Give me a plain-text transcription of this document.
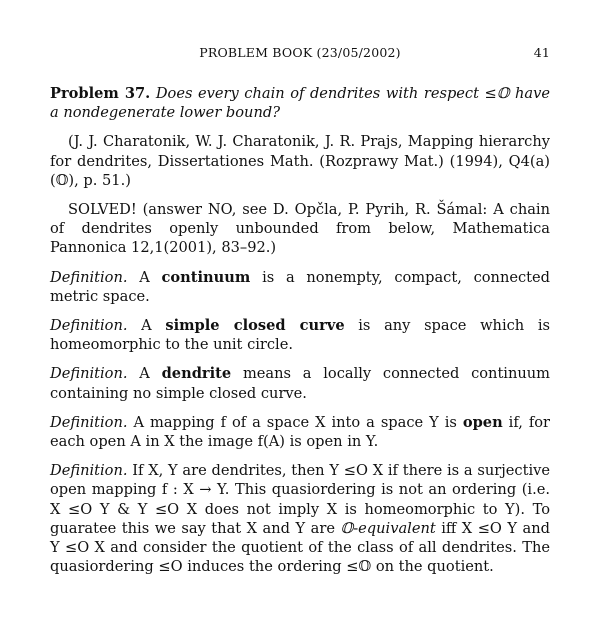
PROBLEM BOOK (23/05/2002)	41

Problem 37. Does every chain of dendrites with respect ≤𝕆 have a nondegenerate lower bound?

(J. J. Charatonik, W. J. Charatonik, J. R. Prajs, Mapping hierarchy for dendrites, Dissertationes Math. (Rozprawy Mat.) (1994), Q4(a)(𝕆), p. 51.)

SOLVED! (answer NO, see D. Opčla, P. Pyrih, R. Šámal: A chain of dendrites openly unbounded from below, Mathematica Pannonica 12,1(2001), 83–92.)

Definition. A continuum is a nonempty, compact, connected metric space.

Definition. A simple closed curve is any space which is homeomorphic to the unit circle.

Definition. A dendrite means a locally connected continuum containing no simple closed curve.

Definition. A mapping f of a space X into a space Y is open if, for each open A in X the image f(A) is open in Y.

Definition. If X, Y are dendrites, then Y ≤O X if there is a surjective open mapping f : X → Y. This quasiordering is not an ordering (i.e. X ≤O Y & Y ≤O X does not imply X is homeomorphic to Y). To guaratee this we say that X and Y are 𝕆-equivalent iff X ≤O Y and Y ≤O X and consider the quotient of the class of all dendrites. The quasiordering ≤O induces the ordering ≤𝕆 on the quotient.
